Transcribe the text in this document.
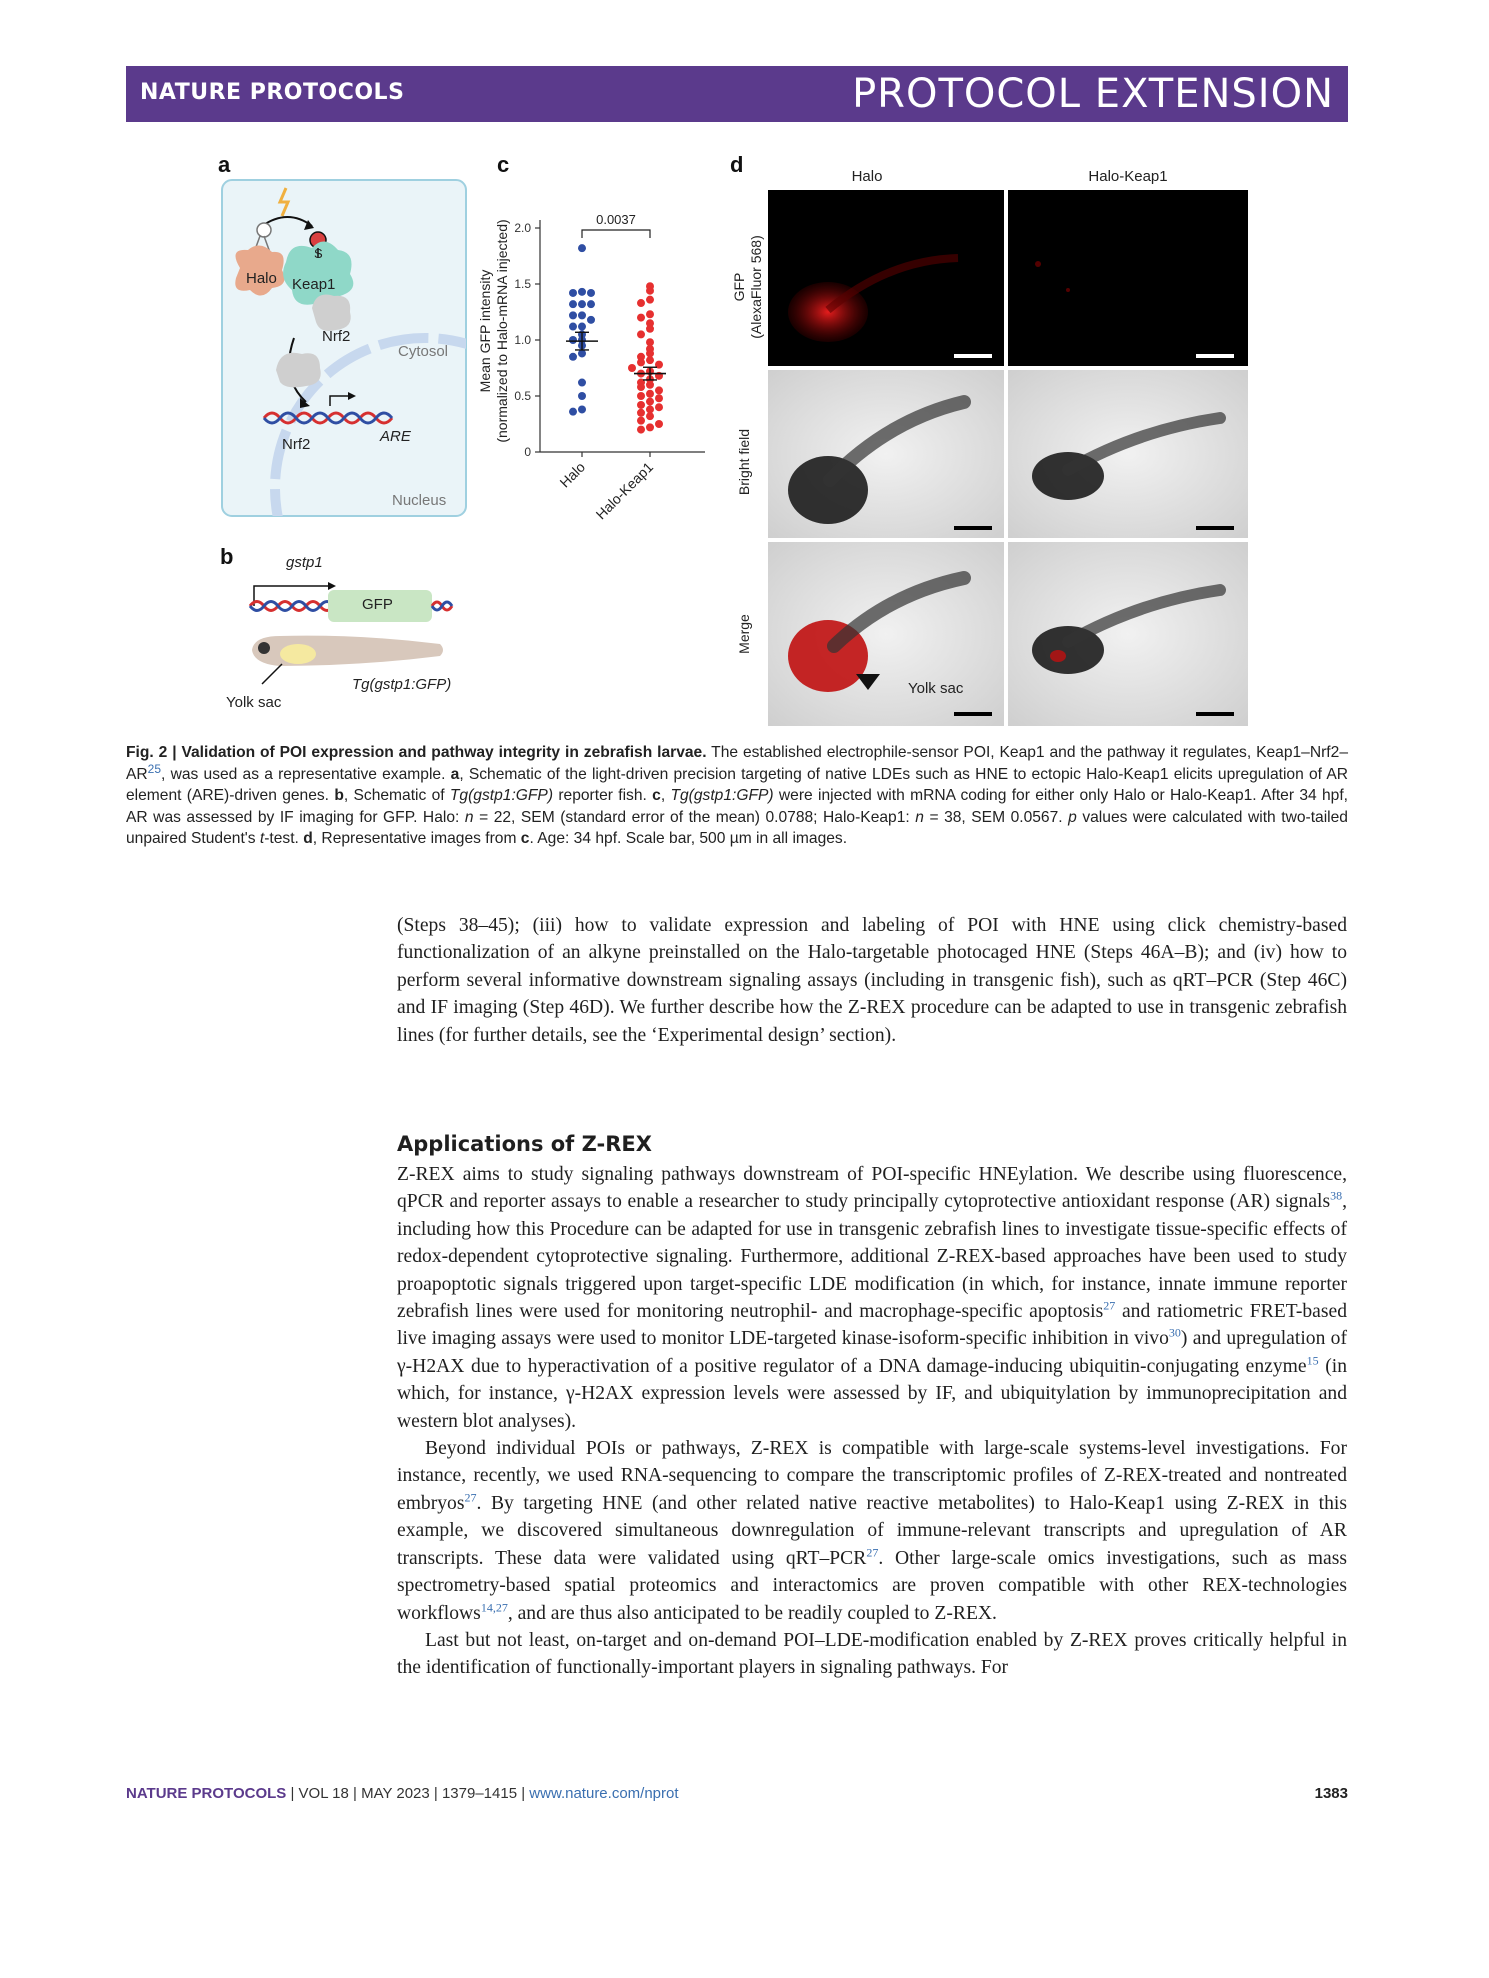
NATURE PROTOCOLS	PROTOCOL EXTENSION
a
Halo Keap1
S
Nrf2
Cytosol
Nrf2	ARE
Nucleus
b	gstp1
GFP
Yolk sac
Tg(gstp1:GFP)
c
0
0.5
1.0
1.5
2.0
Halo Halo-Keap1
0.0037
Mean GFP intensity (normalized to Halo-mRNA injected)
d	Halo	Halo-Keap1
GFP (AlexaFluor 568)
Bright field
Merge
Yolk sac
Fig. 2 | Validation of POI expression and pathway integrity in zebrafish larvae. The established electrophile-sensor POI, Keap1 and the pathway it regulates, Keap1–Nrf2–AR$^{25}$, was used as a representative example. a, Schematic of the light-driven precision targeting of native LDEs such as HNE to ectopic Halo-Keap1 elicits upregulation of AR element (ARE)-driven genes. b, Schematic of Tg(gstp1:GFP) reporter fish. c, Tg(gstp1:GFP) were injected with mRNA coding for either only Halo or Halo-Keap1. After 34 hpf, AR was assessed by IF imaging for GFP. Halo: n = 22, SEM (standard error of the mean) 0.0788; Halo-Keap1: n = 38, SEM 0.0567. p values were calculated with two-tailed unpaired Student's t-test. d, Representative images from c. Age: 34 hpf. Scale bar, 500 µm in all images.
(Steps 38–45); (iii) how to validate expression and labeling of POI with HNE using click chemistry-based functionalization of an alkyne preinstalled on the Halo-targetable photocaged HNE (Steps 46A–B); and (iv) how to perform several informative downstream signaling assays (including in transgenic fish), such as qRT–PCR (Step 46C) and IF imaging (Step 46D). We further describe how the Z-REX procedure can be adapted to use in transgenic zebrafish lines (for further details, see the ‘Experimental design’ section).
Applications of Z-REX

Z-REX aims to study signaling pathways downstream of POI-specific HNEylation. We describe using fluorescence, qPCR and reporter assays to enable a researcher to study principally cytoprotective antioxidant response (AR) signals$^{38}$, including how this Procedure can be adapted for use in transgenic zebrafish lines to investigate tissue-specific effects of redox-dependent cytoprotective signaling. Furthermore, additional Z-REX-based approaches have been used to study proapoptotic signals triggered upon target-specific LDE modification (in which, for instance, innate immune reporter zebrafish lines were used for monitoring neutrophil- and macrophage-specific apoptosis$^{27}$ and ratiometric FRET-based live imaging assays were used to monitor LDE-targeted kinase-isoform-specific inhibition in vivo$^{30}$) and upregulation of γ-H2AX due to hyperactivation of a positive regulator of a DNA damage-inducing ubiquitin-conjugating enzyme$^{15}$ (in which, for instance, γ-H2AX expression levels were assessed by IF, and ubiquitylation by immunoprecipitation and western blot analyses).

Beyond individual POIs or pathways, Z-REX is compatible with large-scale systems-level investigations. For instance, recently, we used RNA-sequencing to compare the transcriptomic profiles of Z-REX-treated and nontreated embryos$^{27}$. By targeting HNE (and other related native reactive metabolites) to Halo-Keap1 using Z-REX in this example, we discovered simultaneous downregulation of immune-relevant transcripts and upregulation of AR transcripts. These data were validated using qRT–PCR$^{27}$. Other large-scale omics investigations, such as mass spectrometry-based spatial proteomics and interactomics are proven compatible with other REX-technologies workflows$^{14,27}$, and are thus also anticipated to be readily coupled to Z-REX.

Last but not least, on-target and on-demand POI–LDE-modification enabled by Z-REX proves critically helpful in the identification of functionally-important players in signaling pathways. For

NATURE PROTOCOLS | VOL 18 | MAY 2023 | 1379–1415 | www.nature.com/nprot	1383
